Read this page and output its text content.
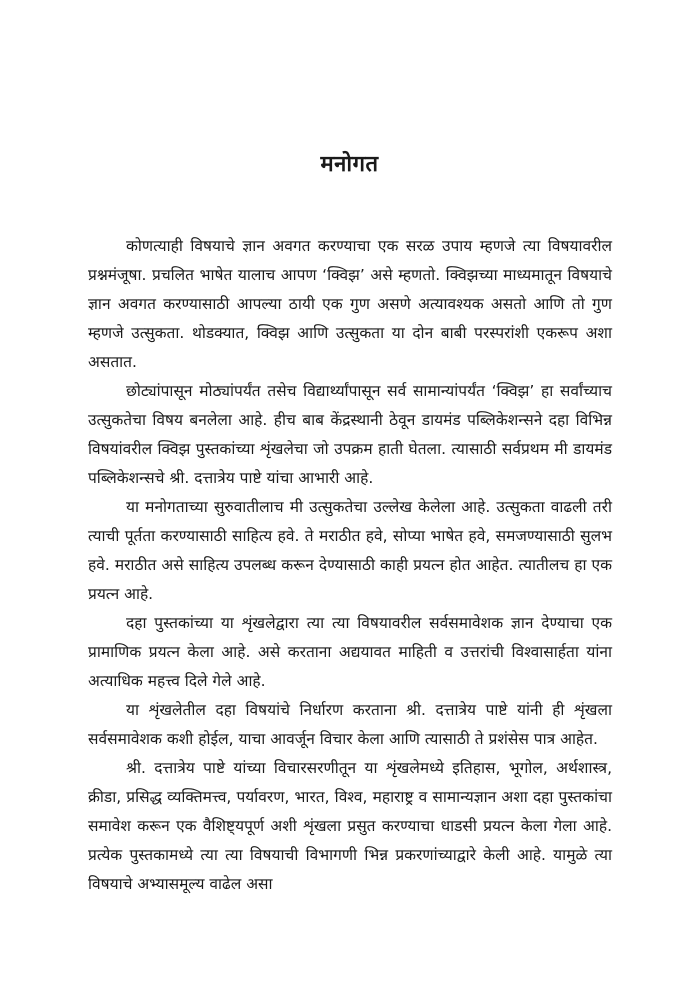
मनोगत

कोणत्याही विषयाचे ज्ञान अवगत करण्याचा एक सरळ उपाय म्हणजे त्या विषयावरील प्रश्नमंजूषा. प्रचलित भाषेत यालाच आपण ‘क्विझ’ असे म्हणतो. क्विझच्या माध्यमातून विषयाचे ज्ञान अवगत करण्यासाठी आपल्या ठायी एक गुण असणे अत्यावश्यक असतो आणि तो गुण म्हणजे उत्सुकता. थोडक्यात, क्विझ आणि उत्सुकता या दोन बाबी परस्परांशी एकरूप अशा असतात.

छोट्यांपासून मोठ्यांपर्यंत तसेच विद्यार्थ्यांपासून सर्व सामान्यांपर्यंत ‘क्विझ’ हा सर्वांच्याच उत्सुकतेचा विषय बनलेला आहे. हीच बाब केंद्रस्थानी ठेवून डायमंड पब्लिकेशन्सने दहा विभिन्न विषयांवरील क्विझ पुस्तकांच्या शृंखलेचा जो उपक्रम हाती घेतला. त्यासाठी सर्वप्रथम मी डायमंड पब्लिकेशन्सचे श्री. दत्तात्रेय पाष्टे यांचा आभारी आहे.

या मनोगताच्या सुरुवातीलाच मी उत्सुकतेचा उल्लेख केलेला आहे. उत्सुकता वाढली तरी त्याची पूर्तता करण्यासाठी साहित्य हवे. ते मराठीत हवे, सोप्या भाषेत हवे, समजण्यासाठी सुलभ हवे. मराठीत असे साहित्य उपलब्ध करून देण्यासाठी काही प्रयत्न होत आहेत. त्यातीलच हा एक प्रयत्न आहे.

दहा पुस्तकांच्या या शृंखलेद्वारा त्या त्या विषयावरील सर्वसमावेशक ज्ञान देण्याचा एक प्रामाणिक प्रयत्न केला आहे. असे करताना अद्ययावत माहिती व उत्तरांची विश्वासार्हता यांना अत्याधिक महत्त्व दिले गेले आहे.

या शृंखलेतील दहा विषयांचे निर्धारण करताना श्री. दत्तात्रेय पाष्टे यांनी ही शृंखला सर्वसमावेशक कशी होईल, याचा आवर्जून विचार केला आणि त्यासाठी ते प्रशंसेस पात्र आहेत.

श्री. दत्तात्रेय पाष्टे यांच्या विचारसरणीतून या शृंखलेमध्ये इतिहास, भूगोल, अर्थशास्त्र, क्रीडा, प्रसिद्ध व्यक्तिमत्त्व, पर्यावरण, भारत, विश्व, महाराष्ट्र व सामान्यज्ञान अशा दहा पुस्तकांचा समावेश करून एक वैशिष्ट्यपूर्ण अशी शृंखला प्रसुत करण्याचा धाडसी प्रयत्न केला गेला आहे. प्रत्येक पुस्तकामध्ये त्या त्या विषयाची विभागणी भिन्न प्रकरणांच्याद्वारे केली आहे. यामुळे त्या विषयाचे अभ्यासमूल्य वाढेल असा
